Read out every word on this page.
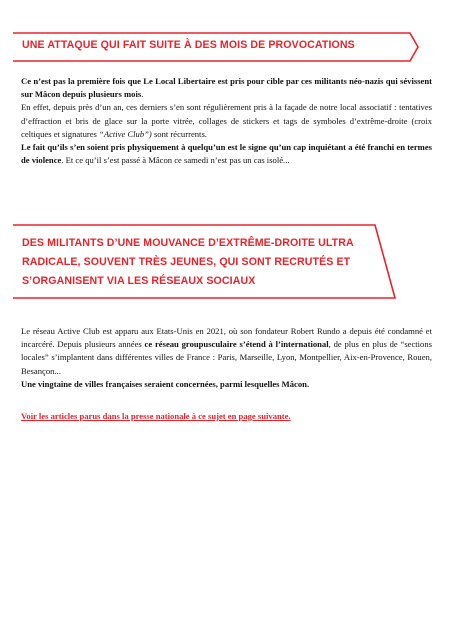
UNE ATTAQUE QUI FAIT SUITE À DES MOIS DE PROVOCATIONS

Ce n’est pas la première fois que Le Local Libertaire est pris pour cible par ces militants néo-nazis qui sévissent sur Mâcon depuis plusieurs mois.

En effet, depuis près d’un an, ces derniers s’en sont régulièrement pris à la façade de notre local associatif : tentatives d’effraction et bris de glace sur la porte vitrée, collages de stickers et tags de symboles d’extrême-droite (croix celtiques et signatures “Active Club”) sont récurrents.

Le fait qu’ils s’en soient pris physiquement à quelqu’un est le signe qu’un cap inquiétant a été franchi en termes de violence. Et ce qu’il s’est passé à Mâcon ce samedi n’est pas un cas isolé...

DES MILITANTS D’UNE MOUVANCE D’EXTRÊME-DROITE ULTRA
RADICALE, SOUVENT TRÈS JEUNES, QUI SONT RECRUTÉS ET
S’ORGANISENT VIA LES RÉSEAUX SOCIAUX

Le réseau Active Club est apparu aux Etats-Unis en 2021, où son fondateur Robert Rundo a depuis été condamné et incarcéré. Depuis plusieurs années ce réseau groupusculaire s’étend à l’international, de plus en plus de “sections locales” s’implantent dans différentes villes de France : Paris, Marseille, Lyon, Montpellier, Aix-en-Provence, Rouen, Besançon...

Une vingtaine de villes françaises seraient concernées, parmi lesquelles Mâcon.

Voir les articles parus dans la presse nationale à ce sujet en page suivante.
